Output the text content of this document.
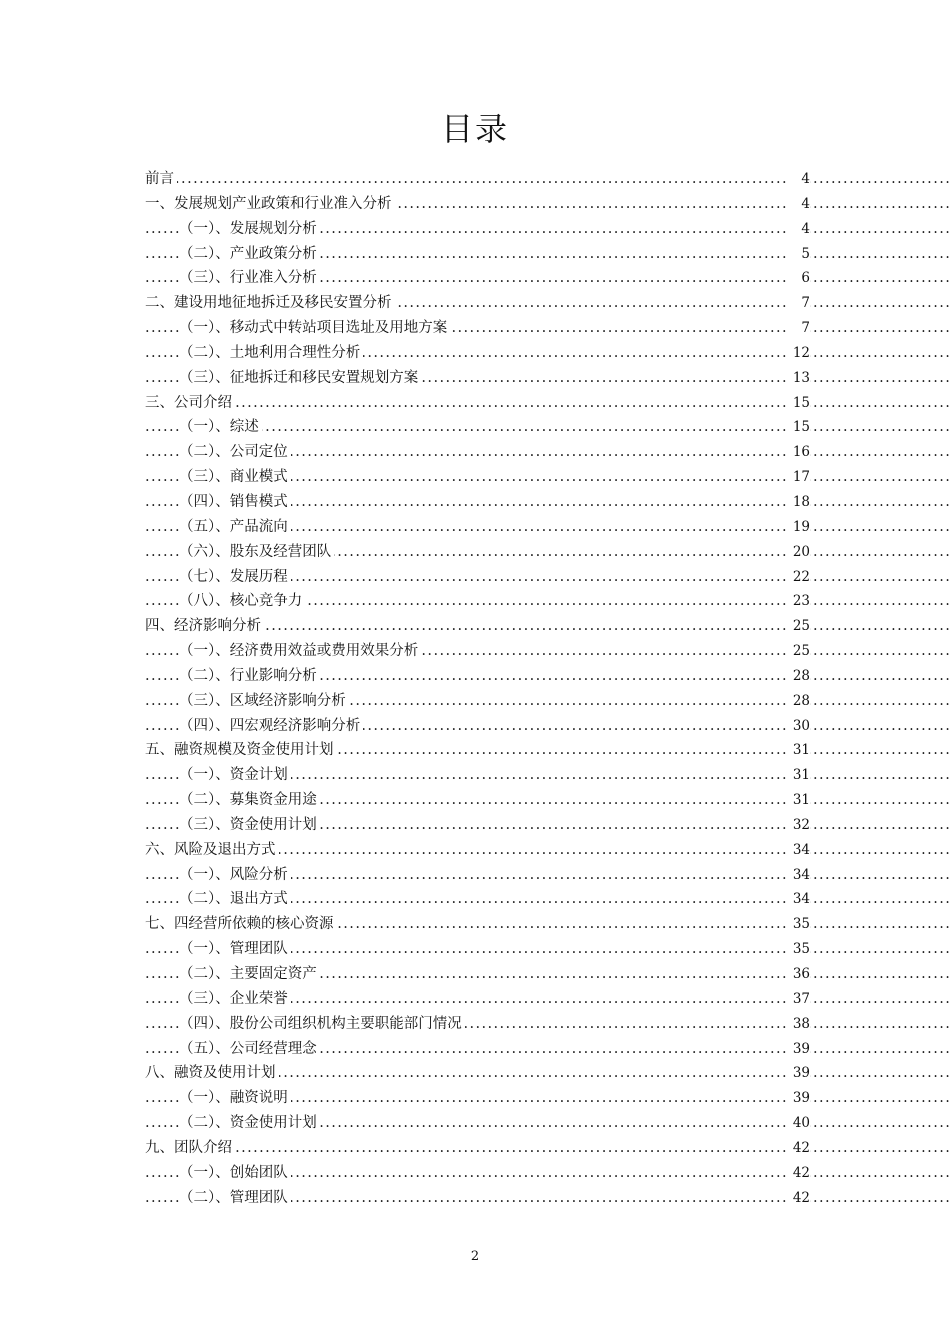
目录
.....
前言	4
.....
.....
一、发展规划产业政策和行业准入分析	4
.....
.....
（一）、发展规划分析	4
.....
.....
（二）、产业政策分析	5
.....
.....
（三）、行业准入分析	6
.....
.....
二、建设用地征地拆迁及移民安置分析	7
.....
.....
（一）、移动式中转站项目选址及用地方案	7
.....
.....
（二）、土地利用合理性分析	12
.....
.....
（三）、征地拆迁和移民安置规划方案	13
.....
.....
三、公司介绍	15
.....
.....
（一）、综述	15
.....
.....
（二）、公司定位	16
.....
.....
（三）、商业模式	17
.....
.....
（四）、销售模式	18
.....
.....
（五）、产品流向	19
.....
.....
（六）、股东及经营团队	20
.....
.....
（七）、发展历程	22
.....
.....
（八）、核心竞争力	23
.....
.....
四、经济影响分析	25
.....
.....
（一）、经济费用效益或费用效果分析	25
.....
.....
（二）、行业影响分析	28
.....
.....
（三）、区域经济影响分析	28
.....
.....
（四）、四宏观经济影响分析	30
.....
.....
五、融资规模及资金使用计划	31
.....
.....
（一）、资金计划	31
.....
.....
（二）、募集资金用途	31
.....
.....
（三）、资金使用计划	32
.....
.....
六、风险及退出方式	34
.....
.....
（一）、风险分析	34
.....
.....
（二）、退出方式	34
.....
.....
七、四经营所依赖的核心资源	35
.....
.....
（一）、管理团队	35
.....
.....
（二）、主要固定资产	36
.....
.....
（三）、企业荣誉	37
.....
.....
（四）、股份公司组织机构主要职能部门情况	38
.....
.....
（五）、公司经营理念	39
.....
.....
八、融资及使用计划	39
.....
.....
（一）、融资说明	39
.....
.....
（二）、资金使用计划	40
.....
.....
九、团队介绍	42
.....
.....
（一）、创始团队	42
.....
.....
（二）、管理团队	42
.....
2
